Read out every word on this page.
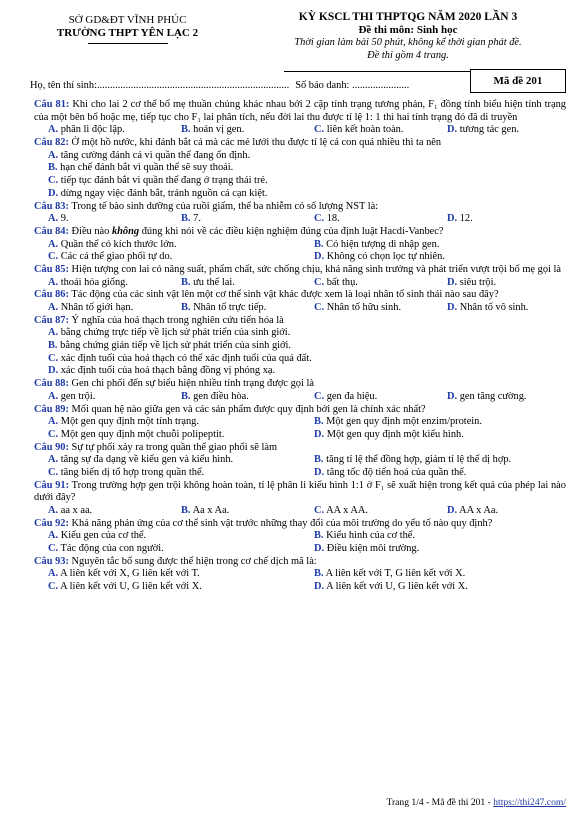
SỞ GD&ĐT VĨNH PHÚC
TRƯỜNG THPT YÊN LẠC 2
KỲ KSCL THI THPTQG NĂM 2020 LẦN 3
Đề thi môn: Sinh học
Thời gian làm bài 50 phút, không kể thời gian phát đề.
Đề thi gồm 4 trang.
Mã đề 201
Họ, tên thí sinh:.......................................................................... Số báo danh: ......................
Câu 81: Khi cho lai 2 cơ thể bố mẹ thuần chủng khác nhau bởi 2 cặp tính trạng tương phản, F₁ đồng tính biểu hiện tính trạng của một bên bố hoặc mẹ, tiếp tục cho F₁ lai phân tích, nếu đời lai thu được tỉ lệ 1: 1 thì hai tính trạng đó đã di truyền
A. phân li độc lập.	B. hoán vị gen.	C. liên kết hoàn toàn.	D. tương tác gen.
Câu 82: Ở một hồ nước, khi đánh bắt cá mà các mẻ lưới thu được tỉ lệ cá con quá nhiều thì ta nên
A. tăng cường đánh cá vì quần thể đang ổn định.
B. hạn chế đánh bắt vì quần thể sẽ suy thoái.
C. tiếp tục đánh bắt vì quần thể đang ở trạng thái trẻ.
D. dừng ngay việc đánh bắt, tránh nguồn cá cạn kiệt.
Câu 83: Trong tế bào sinh dưỡng của ruồi giấm, thể ba nhiễm có số lượng NST là:
A. 9.	B. 7.	C. 18.	D. 12.
Câu 84: Điều nào không đúng khi nói về các điều kiện nghiệm đúng của định luật Hacdi-Vanbec?
A. Quần thể có kích thước lớn.	B. Có hiện tượng di nhập gen.
C. Các cá thể giao phối tự do.	D. Không có chọn lọc tự nhiên.
Câu 85: Hiện tượng con lai có năng suất, phẩm chất, sức chống chịu, khả năng sinh trưởng và phát triển vượt trội bố mẹ gọi là
A. thoái hóa giống.	B. ưu thế lai.	C. bất thụ.	D. siêu trội.
Câu 86: Tác động của các sinh vật lên một cơ thể sinh vật khác được xem là loại nhân tố sinh thái nào sau đây?
A. Nhân tố giới hạn.	B. Nhân tố trực tiếp.	C. Nhân tố hữu sinh.	D. Nhân tố vô sinh.
Câu 87: Ý nghĩa của hoá thạch trong nghiên cứu tiến hóa là
A. bằng chứng trực tiếp về lịch sử phát triển của sinh giới.
B. bằng chứng gián tiếp về lịch sử phát triển của sinh giới.
C. xác định tuổi của hoá thạch có thể xác định tuổi của quả đất.
D. xác định tuổi của hoá thạch bằng đồng vị phóng xạ.
Câu 88: Gen chi phối đến sự biểu hiện nhiều tính trạng được gọi là
A. gen trội.	B. gen điều hòa.	C. gen đa hiệu.	D. gen tăng cường.
Câu 89: Mối quan hệ nào giữa gen và các sản phẩm được quy định bởi gen là chính xác nhất?
A. Một gen quy định một tính trạng.	B. Một gen quy định một enzim/protein.
C. Một gen quy định một chuỗi polipeptit.	D. Một gen quy định một kiểu hình.
Câu 90: Sự tự phối xảy ra trong quần thể giao phối sẽ làm
A. tăng sự đa dạng về kiểu gen và kiểu hình.	B. tăng tỉ lệ thể đồng hợp, giảm tỉ lệ thể dị hợp.
C. tăng biến dị tổ hợp trong quần thể.	D. tăng tốc độ tiến hoá của quần thể.
Câu 91: Trong trường hợp gen trội không hoàn toàn, tỉ lệ phân li kiểu hình 1:1 ở F₁ sẽ xuất hiện trong kết quả của phép lai nào dưới đây?
A. aa x aa.	B. Aa x Aa.	C. AA x AA.	D. AA x Aa.
Câu 92: Khả năng phản ứng của cơ thể sinh vật trước những thay đổi của môi trường do yếu tố nào quy định?
A. Kiểu gen của cơ thể.	B. Kiểu hình của cơ thể.
C. Tác động của con người.	D. Điều kiện môi trường.
Câu 93: Nguyên tắc bổ sung được thể hiện trong cơ chế dịch mã là:
A. A liên kết với X, G liên kết với T.	B. A liên kết với T, G liên kết với X.
C. A liên kết với U, G liên kết với X.	D. A liên kết với U, G liên kết với X.
Trang 1/4 - Mã đề thi 201 - https://thi247.com/
